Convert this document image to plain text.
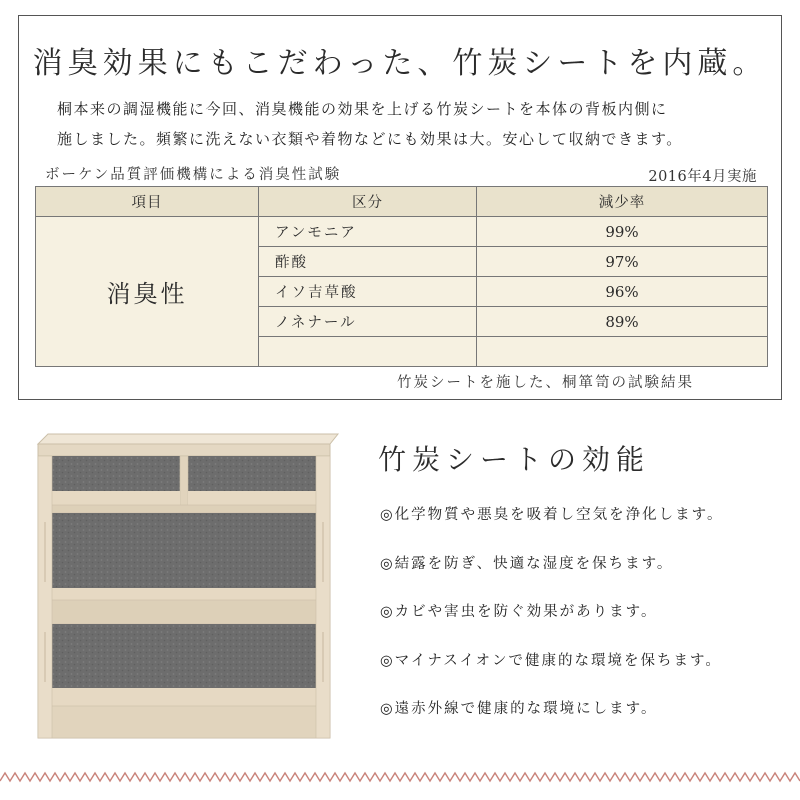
消臭効果にもこだわった、竹炭シートを内蔵。
桐本来の調湿機能に今回、消臭機能の効果を上げる竹炭シートを本体の背板内側に
施しました。頻繁に洗えない衣類や着物などにも効果は大。安心して収納できます。
ボーケン品質評価機構による消臭性試験	2016年4月実施
項目	区分	減少率
消臭性	アンモニア	99%
	酢酸	97%
	イソ吉草酸	96%
	ノネナール	89%

竹炭シートを施した、桐箪笥の試験結果
竹炭シートの効能
◎化学物質や悪臭を吸着し空気を浄化します。
◎結露を防ぎ、快適な湿度を保ちます。
◎カビや害虫を防ぐ効果があります。
◎マイナスイオンで健康的な環境を保ちます。
◎遠赤外線で健康的な環境にします。
